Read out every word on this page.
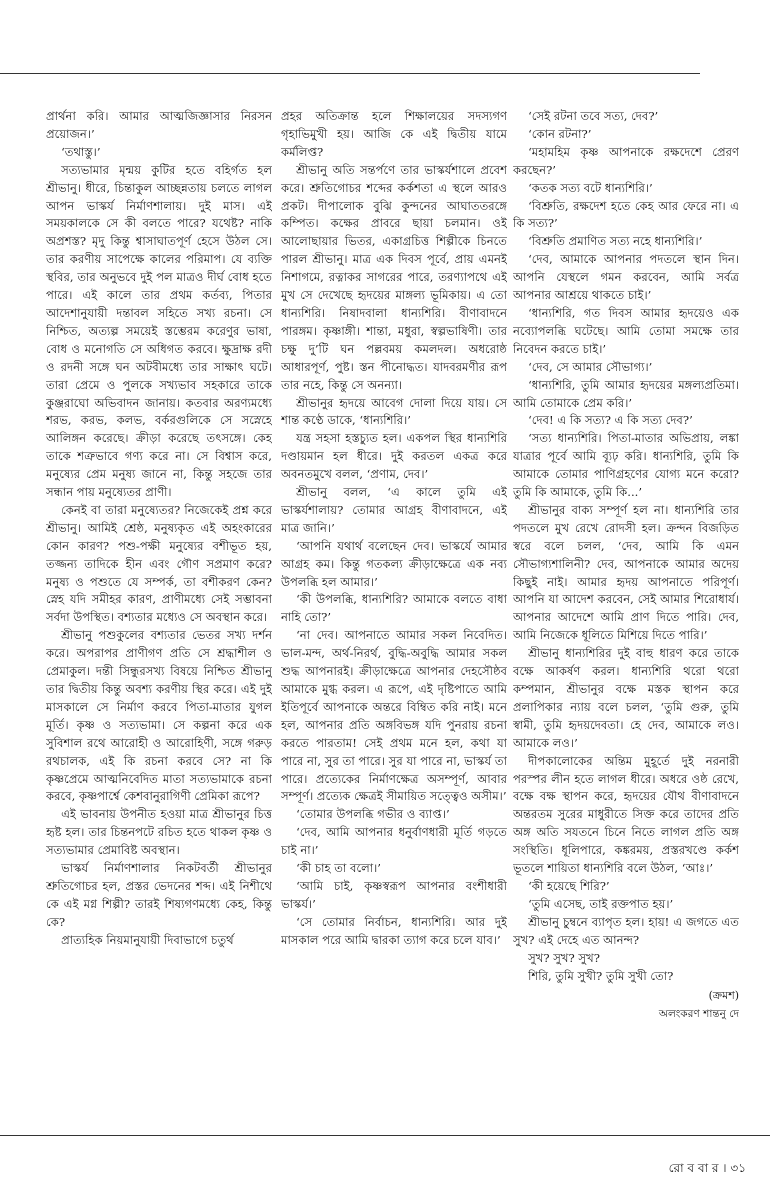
প্রার্থনা করি। আমার আত্মজিজ্ঞাসার নিরসন প্রয়োজন।’

‘তথাস্তু।’

সত্যভামার মৃন্ময় কুটির হতে বহির্গত হল শ্রীভানু। ধীরে, চিন্তাকুল আচ্ছন্নতায় চলতে লাগল আপন ভাস্কর্য নির্মাণশালায়। দুই মাস। এই সময়কালকে সে কী বলতে পারে? যথেষ্ট? নাকি অপ্রশস্ত? মৃদু কিন্তু শ্বাসাঘাতপূর্ণ হেসে উঠল সে। তার করণীয় সাপেক্ষে কালের পরিমাপ। যে ব্যক্তি স্থবির, তার অনুভবে দুই পল মাত্রও দীর্ঘ বোধ হতে পারে। এই কালে তার প্রথম কর্তব্য, পিতার আদেশানুযায়ী দন্তাবল সহিতে সখ্য রচনা। সে নিশ্চিত, অত্যল্প সময়েই স্তম্ভেরম করেণুর ভাষা, বোধ ও মনোগতি সে অধিগত করবে। ক্ষুদ্রাক্ষ রদী ও রদনী সঙ্গে ঘন অটবীমধ্যে তার সাক্ষাৎ ঘটে। তারা প্রেমে ও পুলকে সখ্যভাব সহকারে তাকে কুঞ্জরাঘো অভিবাদন জানায়। কতবার অরণ্যমধ্যে শরভ, করভ, কলভ, বর্করগুলিকে সে সস্নেহে আলিঙ্গন করেছে। ক্রীড়া করেছে তৎসঙ্গে। কেহ তাকে শত্রুভাবে গণ্য করে না। সে বিশ্বাস করে, মনুষ্যের প্রেম মনুষ্য জানে না, কিন্তু সহজে তার সন্ধান পায় মনুষ্যেতর প্রাণী।

কেনই বা তারা মনুষ্যেতর? নিজেকেই প্রশ্ন করে শ্রীভানু। আমিই শ্রেষ্ঠ, মনুষ্যকৃত এই অহংকারের কোন কারণ? পশু-পক্ষী মনুষ্যের বশীভূত হয়, তজ্জন্য তাদিকে হীন এবং গৌণ সপ্রমাণ করে? মনুষ্য ও পশুতে যে সম্পর্ক, তা বশীকরণ কেন? স্নেহ যদি সমীহর কারণ, প্রাণীমধ্যে সেই সম্ভাবনা সর্বদা উপস্থিত। বশ্যতার মধ্যেও সে অবস্থান করে।

শ্রীভানু পশুকুলের বশ্যতার ভেতর সখ্য দর্শন করে। অপরাপর প্রাণীগণ প্রতি সে শ্রদ্ধাশীল ও প্রেমাকুল। দন্তী সিন্ধুরসখ্য বিষয়ে নিশ্চিত শ্রীভানু তার দ্বিতীয় কিন্তু অবশ্য করণীয় স্থির করে। এই দুই মাসকালে সে নির্মাণ করবে পিতা-মাতার যুগল মূর্তি। কৃষ্ণ ও সত্যভামা। সে কল্পনা করে এক সুবিশাল রথে আরোহী ও আরোহিণী, সঙ্গে গরুড় রথচালক, এই কি রচনা করবে সে? না কি কৃষ্ণপ্রেমে আত্মনিবেদিত মাতা সত্যভামাকে রচনা করবে, কৃষ্ণপার্শ্বে কেশবানুরাগিণী প্রেমিকা রূপে?

এই ভাবনায় উপনীত হওয়া মাত্র শ্রীভানুর চিত্ত হৃষ্ট হল। তার চিন্তনপটে রচিত হতে থাকল কৃষ্ণ ও সত্যভামার প্রেমাবিষ্ট অবস্থান।

ভাস্কর্য নির্মাণশালার নিকটবর্তী শ্রীভানুর শ্রুতিগোচর হল, প্রস্তর ভেদনের শব্দ। এই নিশীথে কে এই মগ্ন শিল্পী? তারই শিষ্যগণমধ্যে কেহ, কিন্তু কে?

প্রাত্যহিক নিয়মানুযায়ী দিবাভাগে চতুর্থ

প্রহর অতিক্রান্ত হলে শিক্ষালয়ের সদস্যগণ গৃহাভিমুখী হয়। আজি কে এই দ্বিতীয় যামে কর্মলিপ্ত?

শ্রীভানু অতি সন্তর্পণে তার ভাস্কর্যশালে প্রবেশ করে। শ্রুতিগোচর শব্দের কর্কশতা এ স্থলে আরও প্রকট। দীপালোক বুঝি কুন্দনের আঘাততরঙ্গে কম্পিত। কক্ষের প্রাবরে ছায়া চলমান। ওই আলোছায়ার ভিতর, একাগ্রচিত্ত শিল্পীকে চিনতে পারল শ্রীভানু। মাত্র এক দিবস পূর্বে, প্রায় এমনই নিশাগমে, রত্নাকর সাগরের পারে, তরণ্যাপথে এই মুখ সে দেখেছে হৃদয়ের মাঙ্গল্য ভূমিকায়। এ তো ধান্যশিরি। নিষাদবালা ধান্যশিরি। বীণাবাদনে পারঙ্গম। কৃষ্ণাঙ্গী। শান্তা, মধুরা, স্বল্পভাষিণী। তার চক্ষু দু’টি ঘন পল্লবময় কমলদল। অধরোষ্ঠ আধারপূর্ণ, পুষ্ট। স্তন পীনোদ্ধত। যাদবরমণীর রূপ তার নহে, কিন্তু সে অনন্যা।

শ্রীভানুর হৃদয়ে আবেগ দোলা দিয়ে যায়। সে শান্ত কণ্ঠে ডাকে, ‘ধান্যশিরি।’

যন্ত্র সহসা হস্তচ্যুত হল। একপল স্থির ধান্যশিরি দণ্ডায়মান হল ধীরে। দুই করতল একত্র করে অবনতমুখে বলল, ‘প্রণাম, দেব।’

শ্রীভানু বলল, ‘এ কালে তুমি এই ভাস্কর্যশালায়? তোমার আগ্রহ বীণাবাদনে, এই মাত্র জানি।’

‘আপনি যথার্থ বলেছেন দেব। ভাস্কর্যে আমার আগ্রহ কম। কিন্তু গতকল্য ক্রীড়াক্ষেত্রে এক নব্য উপলব্ধি হল আমার।’

‘কী উপলব্ধি, ধান্যশিরি? আমাকে বলতে বাধা নাহি তো?’

‘না দেব। আপনাতে আমার সকল নিবেদিত। ভাল-মন্দ, অর্থ-নিরর্থ, বুদ্ধি-অবুদ্ধি আমার সকল শুদ্ধ আপনারই। ক্রীড়াক্ষেত্রে আপনার দেহসৌষ্ঠব আমাকে মুগ্ধ করল। এ রূপে, এই দৃষ্টিপাতে আমি ইতিপূর্বে আপনাকে অন্তরে বিম্বিত করি নাই। মনে হল, আপনার প্রতি অঙ্গবিভঙ্গ যদি পুনরায় রচনা করতে পারতাম! সেই প্রথম মনে হল, কথা যা পারে না, সুর তা পারে। সুর যা পারে না, ভাস্কর্য তা পারে। প্রত্যেকের নির্মাণক্ষেত্র অসম্পূর্ণ, আবার সম্পূর্ণ। প্রত্যেক ক্ষেত্রই সীমায়িত সত্ত্বেও অসীম।’

‘তোমার উপলব্ধি গভীর ও ব্যাপ্ত।’

‘দেব, আমি আপনার ধনুর্বাণধারী মূর্তি গড়তে চাই না।’

‘কী চাহ তা বলো।’

‘আমি চাই, কৃষ্ণস্বরূপ আপনার বংশীধারী ভাস্কর্য।’

‘সে তোমার নির্বাচন, ধান্যশিরি। আর দুই মাসকাল পরে আমি দ্বারকা ত্যাগ করে চলে যাব।’

‘সেই রটনা তবে সত্য, দেব?’

‘কোন রটনা?’

‘মহামহিম কৃষ্ণ আপনাকে রক্ষদেশে প্রেরণ করছেন?’

‘কতক সত্য বটে ধান্যশিরি।’

‘বিশ্রুতি, রক্ষদেশ হতে কেহ আর ফেরে না। এ কি সত্য?’

‘বিশ্রুতি প্রমাণিত সত্য নহে ধান্যশিরি।’

‘দেব, আমাকে আপনার পদতলে স্থান দিন। আপনি যেস্থলে গমন করবেন, আমি সর্বত্র আপনার আশ্রয়ে থাকতে চাই।’

‘ধান্যশিরি, গত দিবস আমার হৃদয়েও এক নব্যোপলব্ধি ঘটেছে। আমি তোমা সমক্ষে তার নিবেদন করতে চাই।’

‘দেব, সে আমার সৌভাগ্য।’

‘ধান্যশিরি, তুমি আমার হৃদয়ের মঙ্গল্যপ্রতিমা। আমি তোমাকে প্রেম করি।’

‘দেব! এ কি সত্য? এ কি সত্য দেব?’

‘সত্য ধান্যশিরি। পিতা-মাতার অভিপ্রায়, লঙ্কা যাত্রার পূর্বে আমি ব্যূঢ় করি। ধান্যশিরি, তুমি কি আমাকে তোমার পাণিগ্রহণের যোগ্য মনে করো? তুমি কি আমাকে, তুমি কি...’

শ্রীভানুর বাক্য সম্পূর্ণ হল না। ধান্যশিরি তার পদতলে মুখ রেখে রোদসী হল। ক্রন্দন বিজড়িত স্বরে বলে চলল, ‘দেব, আমি কি এমন সৌভাগ্যশালিনী? দেব, আপনাকে আমার অদেয় কিছুই নাই। আমার হৃদয় আপনাতে পরিপূর্ণ। আপনি যা আদেশ করবেন, সেই আমার শিরোধার্য। আপনার আদেশে আমি প্রাণ দিতে পারি। দেব, আমি নিজেকে ধূলিতে মিশিয়ে দিতে পারি।’

শ্রীভানু ধান্যশিরির দুই বাহু ধারণ করে তাকে বক্ষে আকর্ষণ করল। ধান্যশিরি থরো থরো কম্পমান, শ্রীভানুর বক্ষে মস্তক স্থাপন করে প্রলাপিকার ন্যায় বলে চলল, ‘তুমি গুরু, তুমি স্বামী, তুমি হৃদয়দেবতা। হে দেব, আমাকে লও। আমাকে লও।’

দীপকালোকের অন্তিম মুহূর্তে দুই নরনারী পরস্পর লীন হতে লাগল ধীরে। অধরে ওষ্ঠ রেখে, বক্ষে বক্ষ স্থাপন করে, হৃদয়ের যৌথ বীণাবাদনে অন্তরতম সুরের মাধুরীতে সিক্ত করে তাদের প্রতি অঙ্গ অতি সযতনে চিনে নিতে লাগল প্রতি অঙ্গ সংস্থিতি। ধূলিপারে, কঙ্করময়, প্রস্তরখণ্ডে কর্কশ ভূতলে শায়িতা ধান্যশিরি বলে উঠল, ‘আঃ।’

‘কী হয়েছে শিরি?’

‘তুমি এসেছ, তাই রক্তপাত হয়।’

শ্রীভানু চুম্বনে ব্যাপৃত হল। হায়! এ জগতে এত সুখ? এই দেহে এত আনন্দ?

সুখ? সুখ? সুখ?

শিরি, তুমি সুখী? তুমি সুখী তো?

(ক্রমশ)
অলংকরণ শান্তনু দে
রো ব বা র । ৩১
